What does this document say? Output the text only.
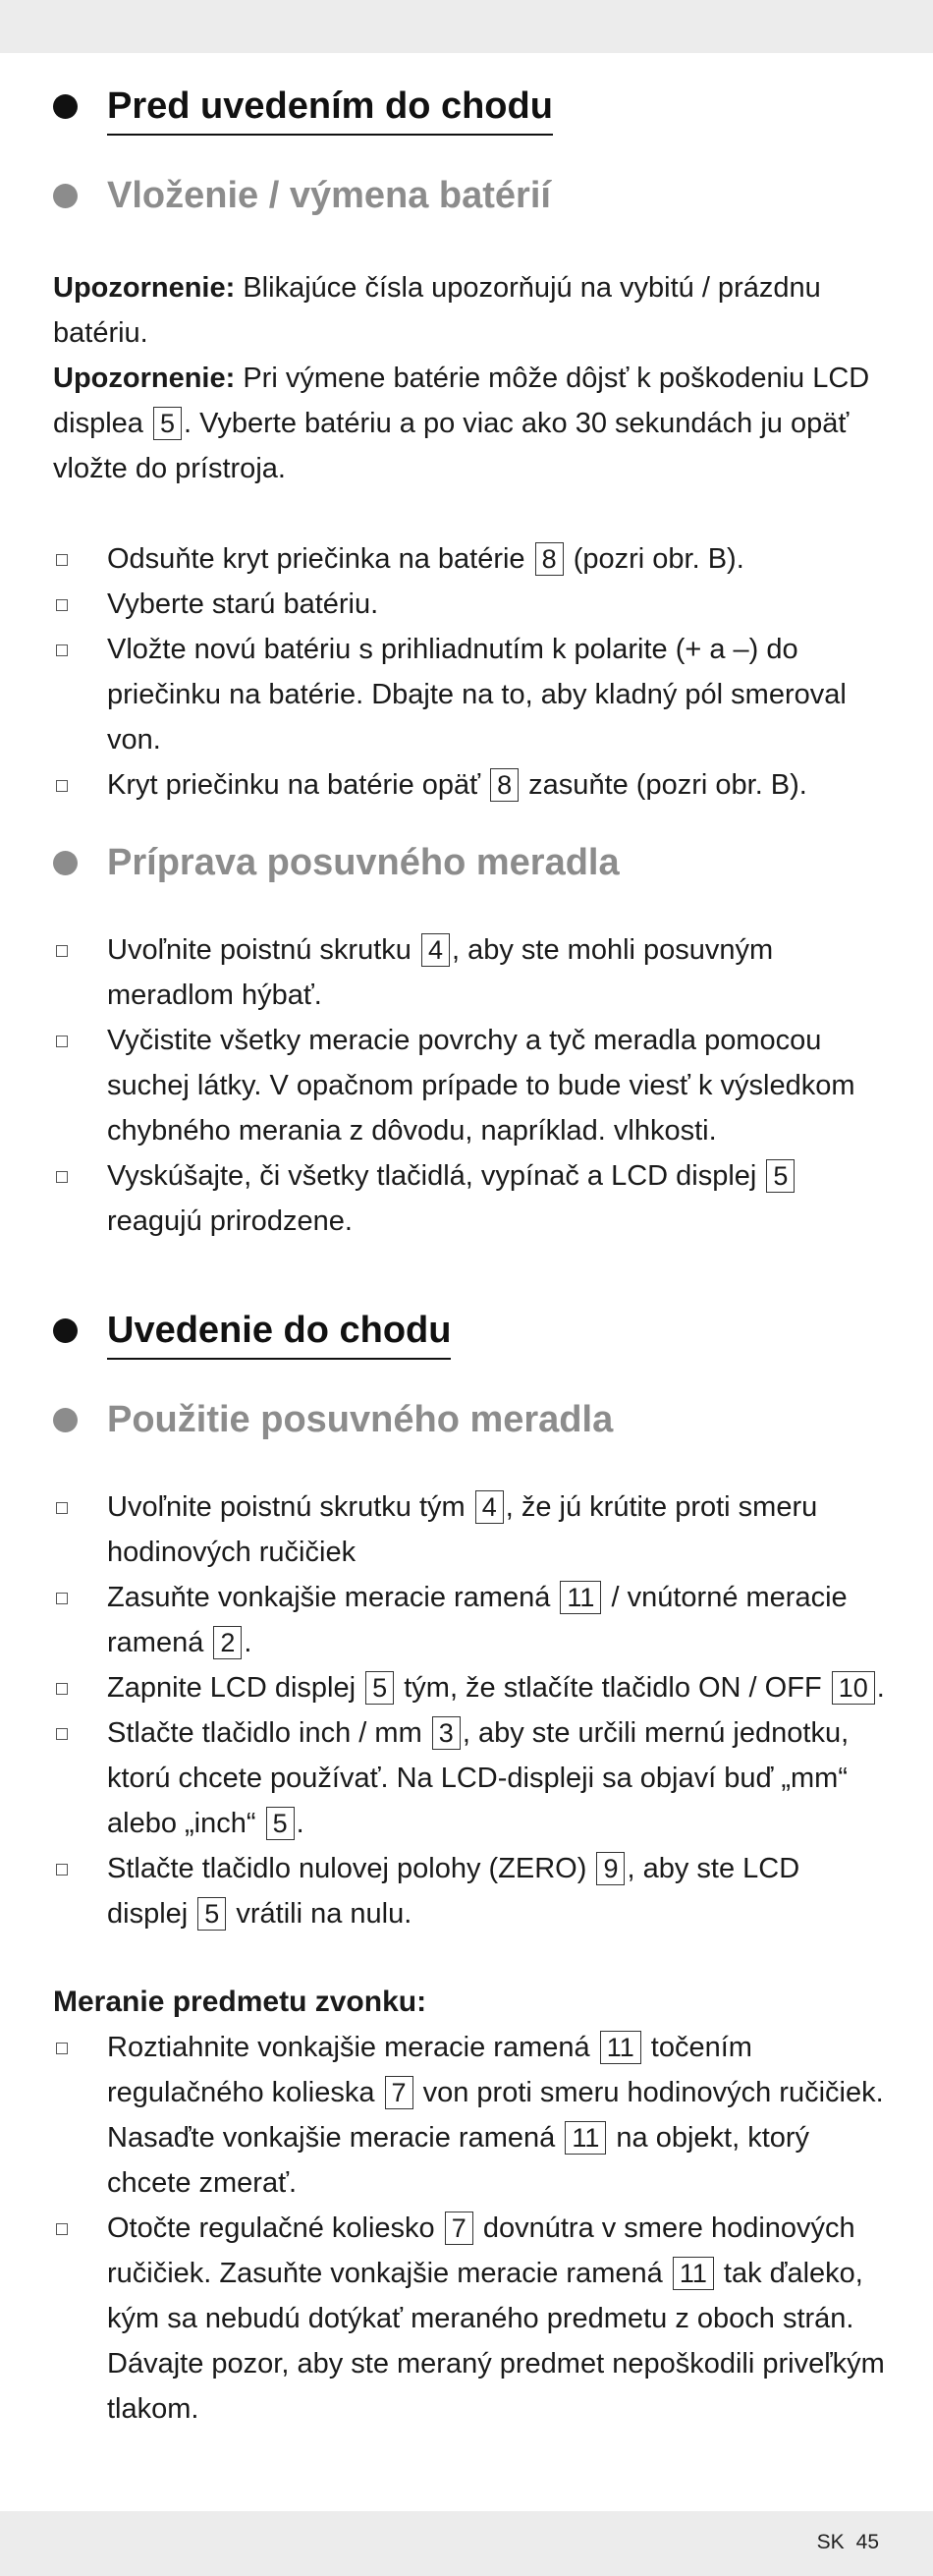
Pred uvedením do chodu
Vloženie / výmena batérií

Upozornenie: Blikajúce čísla upozorňujú na vybitú / prázdnu batériu.

Upozornenie: Pri výmene batérie môže dôjsť k poškodeniu LCD displea 5 . Vyberte batériu a po viac ako 30 sekundách ju opäť vložte do prístroja.

Odsuňte kryt priečinka na batérie 8 (pozri obr. B).
Vyberte starú batériu.
Vložte novú batériu s prihliadnutím k polarite (+ a –) do priečinku na batérie. Dbajte na to, aby kladný pól smeroval von.
Kryt priečinku na batérie opäť 8 zasuňte (pozri obr. B).
Príprava posuvného meradla
Uvoľnite poistnú skrutku 4 , aby ste mohli posuvným meradlom hýbať.
Vyčistite všetky meracie povrchy a tyč meradla pomocou suchej látky. V opačnom prípade to bude viesť k výsledkom chybného merania z dôvodu, napríklad. vlhkosti.
Vyskúšajte, či všetky tlačidlá, vypínač a LCD displej 5 reagujú prirodzene.
Uvedenie do chodu
Použitie posuvného meradla
Uvoľnite poistnú skrutku tým 4 , že jú krútite proti smeru hodinových ručičiek
Zasuňte vonkajšie meracie ramená 11 / vnútorné meracie ramená 2 .
Zapnite LCD displej 5 tým, že stlačíte tlačidlo ON / OFF 10 .
Stlačte tlačidlo inch / mm 3 , aby ste určili mernú jednotku, ktorú chcete používať. Na LCD-displeji sa objaví buď „mm“ alebo „inch“ 5 .
Stlačte tlačidlo nulovej polohy (ZERO) 9 , aby ste LCD displej 5 vrátili na nulu.

Meranie predmetu zvonku:

Roztiahnite vonkajšie meracie ramená 11 točením regulačného kolieska 7 von proti smeru hodinových ručičiek. Nasaďte vonkajšie meracie ramená 11 na objekt, ktorý chcete zmerať.
Otočte regulačné koliesko 7 dovnútra v smere hodinových ručičiek. Zasuňte vonkajšie meracie ramená 11 tak ďaleko, kým sa nebudú dotýkať meraného predmetu z oboch strán. Dávajte pozor, aby ste meraný predmet nepoškodili priveľkým tlakom.
SK 45
